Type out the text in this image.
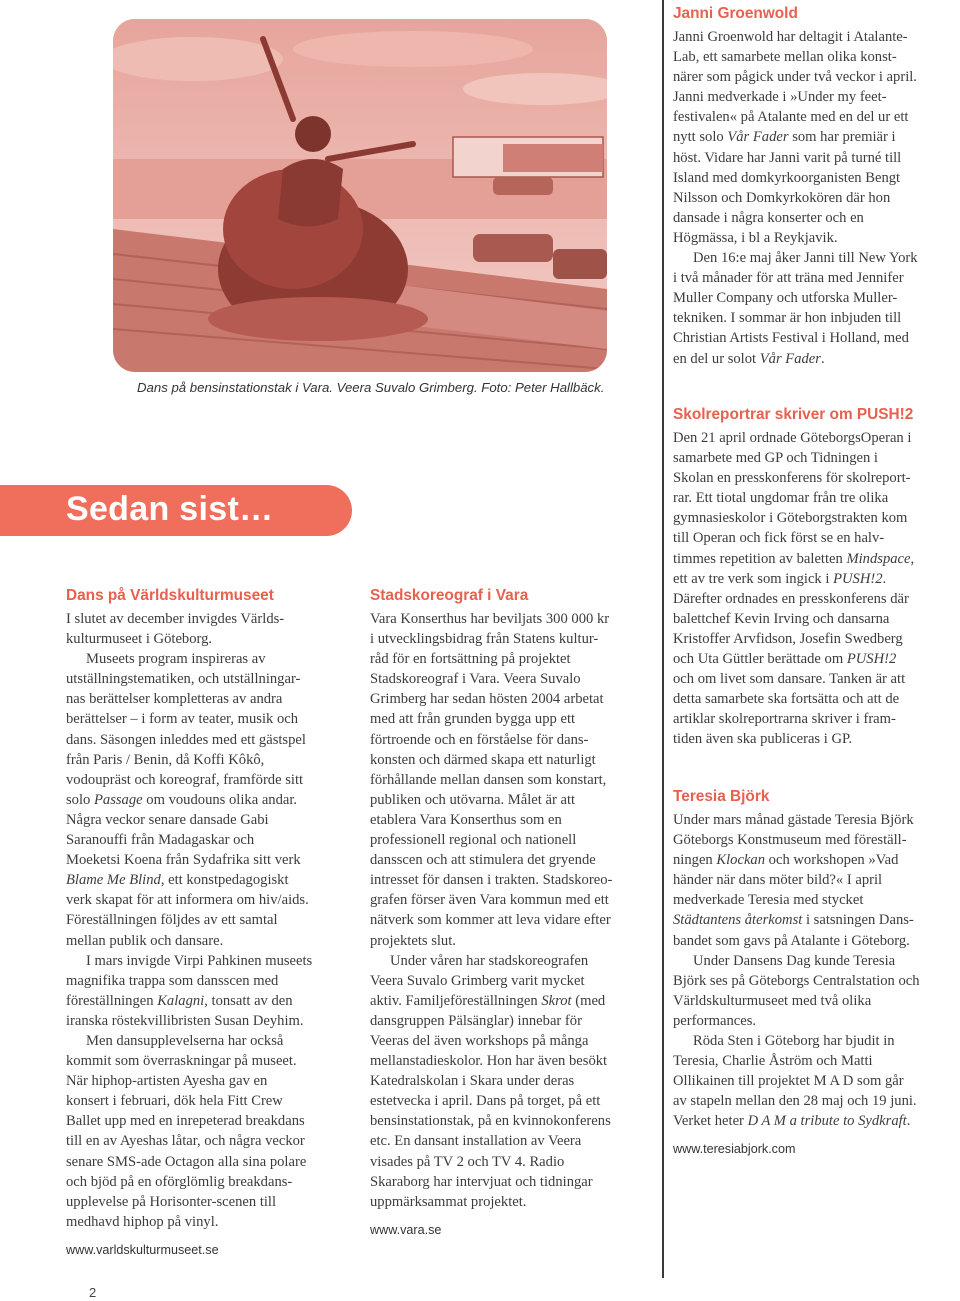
Dans på bensinstationstak i Vara. Veera Suvalo Grimberg. Foto: Peter Hallbäck.
Sedan sist…
Dans på Världskulturmuseet

I slutet av december invigdes Världs-

kulturmuseet i Göteborg.

Museets program inspireras av

utställningstematiken, och utställningar-

nas berättelser kompletteras av andra

berättelser – i form av teater, musik och

dans. Säsongen inleddes med ett gästspel

från Paris / Benin, då Koffi Kôkô,

vodoupräst och koreograf, framförde sitt

solo Passage om voudouns olika andar.

Några veckor senare dansade Gabi

Saranouffi från Madagaskar och

Moeketsi Koena från Sydafrika sitt verk

Blame Me Blind, ett konstpedagogiskt

verk skapat för att informera om hiv/aids.

Föreställningen följdes av ett samtal

mellan publik och dansare.

I mars invigde Virpi Pahkinen museets

magnifika trappa som dansscen med

föreställningen Kalagni, tonsatt av den

iranska röstekvillibristen Susan Deyhim.

Men dansupplevelserna har också

kommit som överraskningar på museet.

När hiphop-artisten Ayesha gav en

konsert i februari, dök hela Fitt Crew

Ballet upp med en inrepeterad breakdans

till en av Ayeshas låtar, och några veckor

senare SMS-ade Octagon alla sina polare

och bjöd på en oförglömlig breakdans-

upplevelse på Horisonter-scenen till

medhavd hiphop på vinyl.

www.varldskulturmuseet.se
Stadskoreograf i Vara

Vara Konserthus har beviljats 300 000 kr

i utvecklingsbidrag från Statens kultur-

råd för en fortsättning på projektet

Stadskoreograf i Vara. Veera Suvalo

Grimberg har sedan hösten 2004 arbetat

med att från grunden bygga upp ett

förtroende och en förståelse för dans-

konsten och därmed skapa ett naturligt

förhållande mellan dansen som konstart,

publiken och utövarna. Målet är att

etablera Vara Konserthus som en

professionell regional och nationell

dansscen och att stimulera det gryende

intresset för dansen i trakten. Stadskoreo-

grafen förser även Vara kommun med ett

nätverk som kommer att leva vidare efter

projektets slut.

Under våren har stadskoreografen

Veera Suvalo Grimberg varit mycket

aktiv. Familjeföreställningen Skrot (med

dansgruppen Pälsänglar) innebar för

Veeras del även workshops på många

mellanstadieskolor. Hon har även besökt

Katedralskolan i Skara under deras

estetvecka i april. Dans på torget, på ett

bensinstationstak, på en kvinnokonferens

etc. En dansant installation av Veera

visades på TV 2 och TV 4. Radio

Skaraborg har intervjuat och tidningar

uppmärksammat projektet.

www.vara.se
Janni Groenwold

Janni Groenwold har deltagit i Atalante-

Lab, ett samarbete mellan olika konst-

närer som pågick under två veckor i april.

Janni medverkade i »Under my feet-

festivalen« på Atalante med en del ur ett

nytt solo Vår Fader som har premiär i

höst. Vidare har Janni varit på turné till

Island med domkyrkoorganisten Bengt

Nilsson och Domkyrkokören där hon

dansade i några konserter och en

Högmässa, i bl a Reykjavik.

Den 16:e maj åker Janni till New York

i två månader för att träna med Jennifer

Muller Company och utforska Muller-

tekniken. I sommar är hon inbjuden till

Christian Artists Festival i Holland, med

en del ur solot Vår Fader.

Skolreportrar skriver om PUSH!2

Den 21 april ordnade GöteborgsOperan i

samarbete med GP och Tidningen i

Skolan en presskonferens för skolreport-

rar. Ett tiotal ungdomar från tre olika

gymnasieskolor i Göteborgstrakten kom

till Operan och fick först se en halv-

timmes repetition av baletten Mindspace,

ett av tre verk som ingick i PUSH!2.

Därefter ordnades en presskonferens där

balettchef Kevin Irving och dansarna

Kristoffer Arvfidson, Josefin Swedberg

och Uta Güttler berättade om PUSH!2

och om livet som dansare. Tanken är att

detta samarbete ska fortsätta och att de

artiklar skolreportrarna skriver i fram-

tiden även ska publiceras i GP.

Teresia Björk

Under mars månad gästade Teresia Björk

Göteborgs Konstmuseum med föreställ-

ningen Klockan och workshopen »Vad

händer när dans möter bild?« I april

medverkade Teresia med stycket

Städtantens återkomst i satsningen Dans-

bandet som gavs på Atalante i Göteborg.

Under Dansens Dag kunde Teresia

Björk ses på Göteborgs Centralstation och

Världskulturmuseet med två olika

performances.

Röda Sten i Göteborg har bjudit in

Teresia, Charlie Åström och Matti

Ollikainen till projektet M A D som går

av stapeln mellan den 28 maj och 19 juni.

Verket heter D A M a tribute to Sydkraft.

www.teresiabjork.com
2
